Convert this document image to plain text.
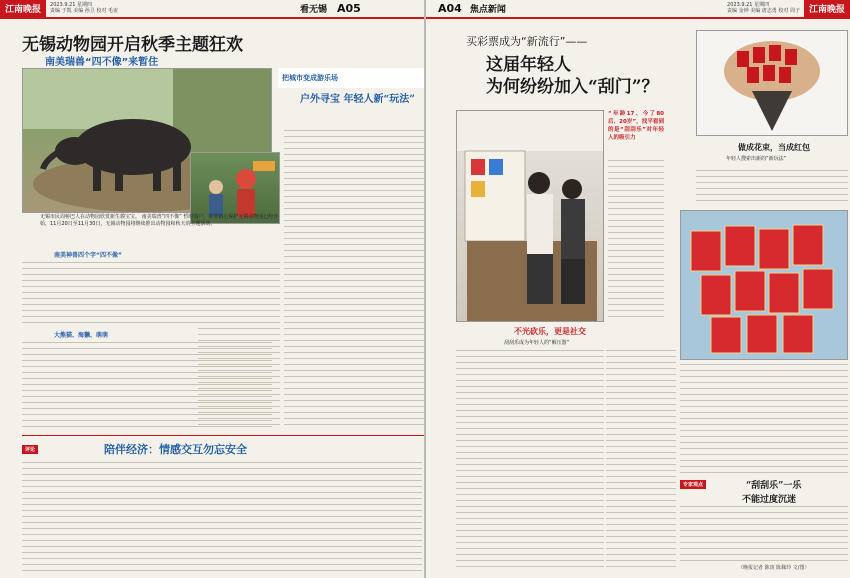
江南晚报	2023.9.21 星期四
责编 于凯 美编 孙卫 校对 毛宙	看无锡 A05
无锡动物园开启秋季主题狂欢
南美瑞兽“四不像”来暂住
把城市变成游乐场
户外寻宝 年轻人新“玩法”
无锡市民周桥巴人在动物园欣赏新生貘宝宝。 南美瑞兽“四不像” 暂时落户，需要精心保护无锡动物园已经开始，11月20日至11月30日，无锡动物园将继续推出动物园和秋天的主题活动。
南美神兽四个字“四不像”
大熊猫、海獭、萌萌
评论	陪伴经济：情感交互勿忘安全
A04 焦点新闻	2023.9.21 星期四
责编 金钟 美编 唐志勇 校对 周子	江南晚报
买彩票成为“新流行”——
这届年轻人
为何纷纷加入“刮门”？
“年龄17、今了80后、20岁”，找平看到的是“刮刮乐”对年轻人的吸引力
不光砍乐，更是社交
刮刮乐成为年轻人的“解压器”
做成花束，当成红包
年轻人搜索出新的“新玩法”
专家观点	“刮刮乐”一乐
不能过度沉迷
（晚报记者 陈寅 陈佩玲 文/图）
